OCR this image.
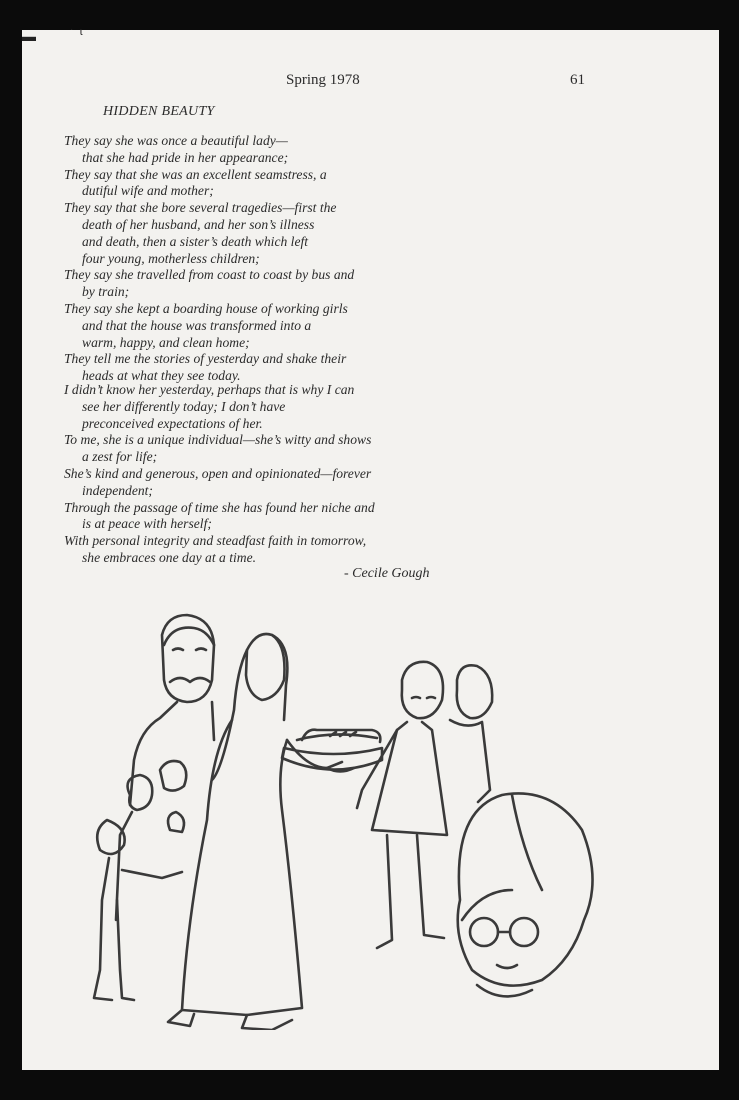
▬	· ɩ
Spring 1978	61
HIDDEN BEAUTY

They say she was once a beautiful lady—

that she had pride in her appearance;

They say that she was an excellent seamstress, a

dutiful wife and mother;

They say that she bore several tragedies—first the

death of her husband, and her son’s illness

and death, then a sister’s death which left

four young, motherless children;

They say she travelled from coast to coast by bus and

by train;

They say she kept a boarding house of working girls

and that the house was transformed into a

warm, happy, and clean home;

They tell me the stories of yesterday and shake their

heads at what they see today.

I didn’t know her yesterday, perhaps that is why I can

see her differently today; I don’t have

preconceived expectations of her.

To me, she is a unique individual—she’s witty and shows

a zest for life;

She’s kind and generous, open and opinionated—forever

independent;

Through the passage of time she has found her niche and

is at peace with herself;

With personal integrity and steadfast faith in tomorrow,

she embraces one day at a time.

- Cecile Gough
